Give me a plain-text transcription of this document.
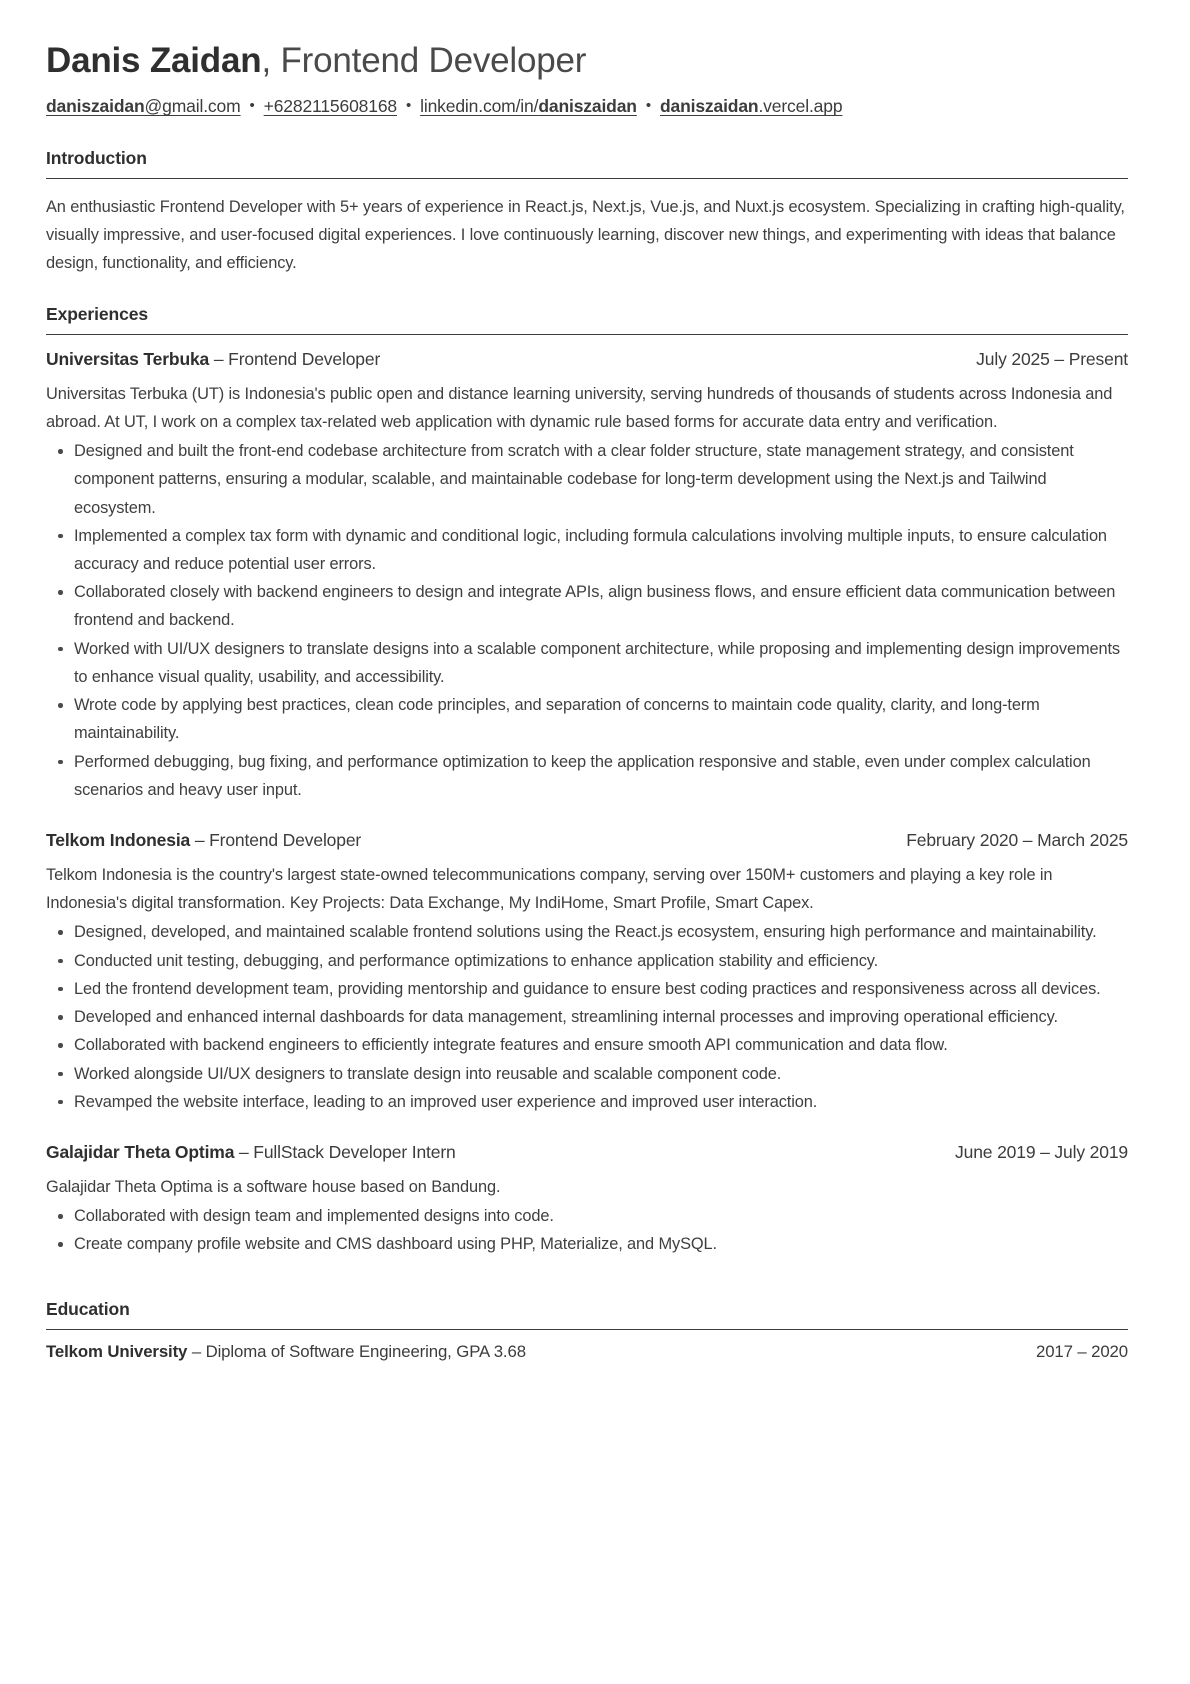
Danis Zaidan, Frontend Developer
daniszaidan@gmail.com • +6282115608168 • linkedin.com/in/daniszaidan • daniszaidan.vercel.app
Introduction

An enthusiastic Frontend Developer with 5+ years of experience in React.js, Next.js, Vue.js, and Nuxt.js ecosystem. Specializing in crafting high-quality, visually impressive, and user-focused digital experiences. I love continuously learning, discover new things, and experimenting with ideas that balance design, functionality, and efficiency.

Experiences
Universitas Terbuka – Frontend Developer	July 2025 – Present

Universitas Terbuka (UT) is Indonesia's public open and distance learning university, serving hundreds of thousands of students across Indonesia and abroad. At UT, I work on a complex tax-related web application with dynamic rule based forms for accurate data entry and verification.

Designed and built the front-end codebase architecture from scratch with a clear folder structure, state management strategy, and consistent component patterns, ensuring a modular, scalable, and maintainable codebase for long-term development using the Next.js and Tailwind ecosystem.
Implemented a complex tax form with dynamic and conditional logic, including formula calculations involving multiple inputs, to ensure calculation accuracy and reduce potential user errors.
Collaborated closely with backend engineers to design and integrate APIs, align business flows, and ensure efficient data communication between frontend and backend.
Worked with UI/UX designers to translate designs into a scalable component architecture, while proposing and implementing design improvements to enhance visual quality, usability, and accessibility.
Wrote code by applying best practices, clean code principles, and separation of concerns to maintain code quality, clarity, and long-term maintainability.
Performed debugging, bug fixing, and performance optimization to keep the application responsive and stable, even under complex calculation scenarios and heavy user input.
Telkom Indonesia – Frontend Developer	February 2020 – March 2025

Telkom Indonesia is the country's largest state-owned telecommunications company, serving over 150M+ customers and playing a key role in Indonesia's digital transformation. Key Projects: Data Exchange, My IndiHome, Smart Profile, Smart Capex.

Designed, developed, and maintained scalable frontend solutions using the React.js ecosystem, ensuring high performance and maintainability.
Conducted unit testing, debugging, and performance optimizations to enhance application stability and efficiency.
Led the frontend development team, providing mentorship and guidance to ensure best coding practices and responsiveness across all devices.
Developed and enhanced internal dashboards for data management, streamlining internal processes and improving operational efficiency.
Collaborated with backend engineers to efficiently integrate features and ensure smooth API communication and data flow.
Worked alongside UI/UX designers to translate design into reusable and scalable component code.
Revamped the website interface, leading to an improved user experience and improved user interaction.
Galajidar Theta Optima – FullStack Developer Intern	June 2019 – July 2019

Galajidar Theta Optima is a software house based on Bandung.

Collaborated with design team and implemented designs into code.
Create company profile website and CMS dashboard using PHP, Materialize, and MySQL.
Education
Telkom University – Diploma of Software Engineering, GPA 3.68	2017 – 2020
